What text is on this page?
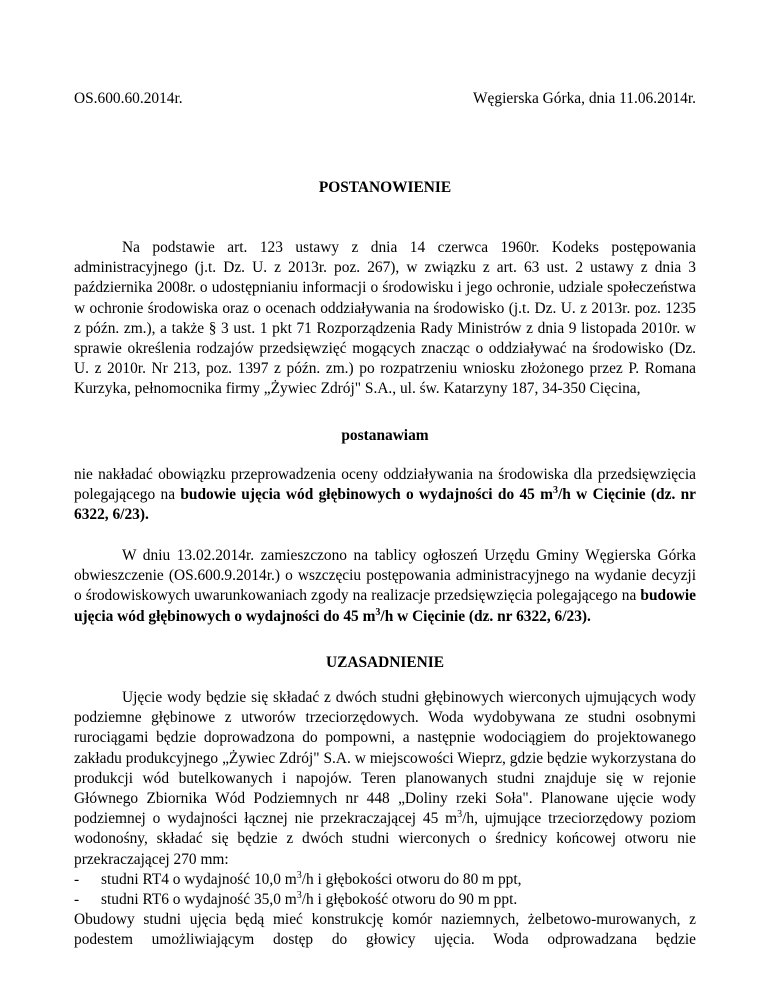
OS.600.60.2014r.	Węgierska Górka, dnia 11.06.2014r.
POSTANOWIENIE
Na podstawie art. 123 ustawy z dnia 14 czerwca 1960r. Kodeks postępowania administracyjnego (j.t. Dz. U. z 2013r. poz. 267), w związku z art. 63 ust. 2 ustawy z dnia 3 października 2008r. o udostępnianiu informacji o środowisku i jego ochronie, udziale społeczeństwa w ochronie środowiska oraz o ocenach oddziaływania na środowisko (j.t. Dz. U. z 2013r. poz. 1235 z późn. zm.), a także § 3 ust. 1 pkt 71 Rozporządzenia Rady Ministrów z dnia 9 listopada 2010r. w sprawie określenia rodzajów przedsięwzięć mogących znacząc o oddziaływać na środowisko (Dz. U. z 2010r. Nr 213, poz. 1397 z późn. zm.) po rozpatrzeniu wniosku złożonego przez P. Romana Kurzyka, pełnomocnika firmy „Żywiec Zdrój" S.A., ul. św. Katarzyny 187, 34-350 Cięcina,
postanawiam
nie nakładać obowiązku przeprowadzenia oceny oddziaływania na środowiska dla przedsięwzięcia polegającego na budowie ujęcia wód głębinowych o wydajności do 45 $m^3/h$ w Cięcinie (dz. nr 6322, 6/23).
W dniu 13.02.2014r. zamieszczono na tablicy ogłoszeń Urzędu Gminy Węgierska Górka obwieszczenie (OS.600.9.2014r.) o wszczęciu postępowania administracyjnego na wydanie decyzji o środowiskowych uwarunkowaniach zgody na realizacje przedsięwzięcia polegającego na budowie ujęcia wód głębinowych o wydajności do 45 $m^3/h$ w Cięcinie (dz. nr 6322, 6/23).
UZASADNIENIE
Ujęcie wody będzie się składać z dwóch studni głębinowych wierconych ujmujących wody podziemne głębinowe z utworów trzeciorzędowych. Woda wydobywana ze studni osobnymi rurociągami będzie doprowadzona do pompowni, a następnie wodociągiem do projektowanego zakładu produkcyjnego „Żywiec Zdrój" S.A. w miejscowości Wieprz, gdzie będzie wykorzystana do produkcji wód butelkowanych i napojów. Teren planowanych studni znajduje się w rejonie Głównego Zbiornika Wód Podziemnych nr 448 „Doliny rzeki Soła". Planowane ujęcie wody podziemnej o wydajności łącznej nie przekraczającej 45 $m^3/h$, ujmujące trzeciorzędowy poziom wodonośny, składać się będzie z dwóch studni wierconych o średnicy końcowej otworu nie przekraczającej 270 mm:
-	studni RT4 o wydajność 10,0 $m^3/h$ i głębokości otworu do 80 m ppt,
-	studni RT6 o wydajność 35,0 $m^3/h$ i głębokość otworu do 90 m ppt.
Obudowy studni ujęcia będą mieć konstrukcję komór naziemnych, żelbetowo-murowanych, z podestem umożliwiającym dostęp do głowicy ujęcia. Woda odprowadzana będzie
